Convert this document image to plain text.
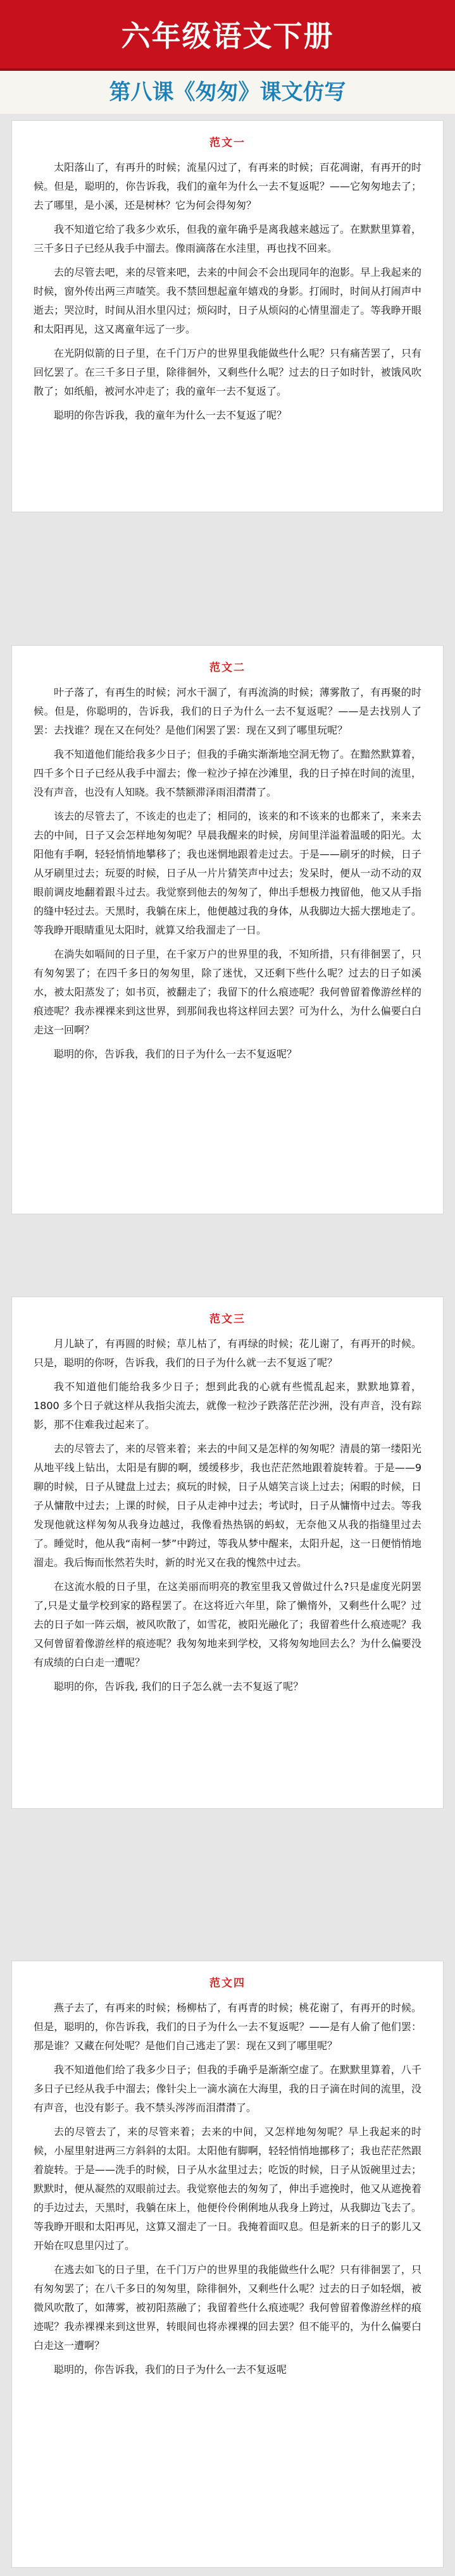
六年级语文下册
第八课《匆匆》课文仿写
范文一

太阳落山了，有再升的时候；流星闪过了，有再来的时候；百花凋谢，有再开的时候。但是，聪明的，你告诉我，我们的童年为什么一去不复返呢？——它匆匆地去了；去了哪里，是小溪，还是树林？它为何会得匆匆？

我不知道它给了我多少欢乐，但我的童年确乎是离我越来越远了。在默默里算着，三千多日子已经从我手中溜去。像雨滴落在水洼里，再也找不回来。

去的尽管去吧，来的尽管来吧，去来的中间会不会出现同年的泡影。早上我起来的时候，窗外传出两三声喳笑。我不禁回想起童年嬉戏的身影。打闹时，时间从打闹声中逝去；哭泣时，时间从泪水里闪过；烦闷时，日子从烦闷的心情里溜走了。等我睁开眼和太阳再见，这又离童年远了一步。

在光阴似箭的日子里，在千门万户的世界里我能做些什么呢？只有痛苦罢了，只有回忆罢了。在三千多日子里，除徘徊外，又剩些什么呢？过去的日子如时针，被饿风吹散了；如纸船，被河水冲走了；我的童年一去不复返了。

聪明的你告诉我，我的童年为什么一去不复返了呢？

范文二

叶子落了，有再生的时候；河水干涸了，有再流淌的时候；薄雾散了，有再聚的时候。但是，你聪明的，告诉我，我们的日子为什么一去不复返呢？——是去找别人了罢：去找谁？现在又在何处？是他们闲罢了罢：现在又到了哪里玩呢？

我不知道他们能给我多少日子；但我的手确实渐渐地空洞无物了。在黯然默算着，四千多个日子已经从我手中溜去；像一粒沙子掉在沙滩里，我的日子掉在时间的流里，没有声音，也没有人知晓。我不禁额滞泽雨泪潸潸了。

该去的尽管去了，不该走的也走了；相同的，该来的和不该来的也都来了，来来去去的中间，日子又会怎样地匆匆呢？早晨我醒来的时候，房间里洋溢着温暖的阳光。太阳他有手啊，轻轻悄悄地攀移了；我也迷惘地跟着走过去。于是——刷牙的时候，日子从牙刷里过去；玩耍的时候，日子从一片片猜笑声中过去；发呆时，便从一动不动的双眼前调皮地翻着跟斗过去。我觉察到他去的匆匆了，伸出手想极力拽留他，他又从手指的缝中轻过去。天黑时，我躺在床上，他便越过我的身体，从我脚边大摇大摆地走了。等我睁开眼睛重见太阳时，就算又给我溜走了一日。

在淌失如嗝间的日子里，在千家万户的世界里的我，不知所措，只有徘徊罢了，只有匆匆罢了；在四千多日的匆匆里，除了迷忧，又还剩下些什么呢？过去的日子如溪水，被太阳蒸发了；如书页，被翻走了；我留下的什么痕迹呢？我何曾留着像游丝样的痕迹呢？我赤裸裸来到这世界，到那间我也将这样回去罢？可为什么，为什么偏要白白走这一回啊？

聪明的你，告诉我，我们的日子为什么一去不复返呢？

范文三

月儿缺了，有再圆的时候；草儿枯了，有再绿的时候；花儿谢了，有再开的时候。只是，聪明的你呀，告诉我，我们的日子为什么就一去不复返了呢？

我不知道他们能给我多少日子；想到此我的心就有些慌乱起来，默默地算着，1800 多个日子就这样从我指尖流去，就像一粒沙子跌落茫茫沙洲，没有声音，没有踪影，那不住难我过起来了。

去的尽管去了，来的尽管来着；来去的中间又是怎样的匆匆呢？清晨的第一缕阳光从地平线上钻出，太阳是有脚的啊，缓缓移步，我也茫茫然地跟着旋转着。于是——9 聊的时候，日子从键盘上过去；疯玩的时候，日子从嬉笑言谈上过去；闲暇的时候，日子从慵散中过去；上课的时候，日子从走神中过去；考试时，日子从慵惰中过去。等我发现他就这样匆匆从我身边越过，我像看热热锅的蚂蚁，无奈他又从我的指缝里过去了。睡觉时，他从我“南柯一梦”中跨过，等我从梦中醒来，太阳升起，这一日便悄悄地溜走。我后悔而怅然若失时，新的时光又在我的愧然中过去。

在这流水般的日子里，在这美丽而明亮的教室里我又曾做过什么?只是虚度光阴罢了,只是丈量学校到家的路程罢了。在这将近六年里，除了懒惰外，又剩些什么呢？过去的日子如一阵云烟，被风吹散了，如雪花，被阳光融化了；我留着些什么痕迹呢？我又何曾留着像游丝样的痕迹呢？我匆匆地来到学校，又将匆匆地回去么？为什么偏要没有成绩的白白走一遭呢？

聪明的你，告诉我, 我们的日子怎么就一去不复返了呢？

范文四

燕子去了，有再来的时候；杨柳枯了，有再青的时候；桃花谢了，有再开的时候。但是，聪明的，你告诉我，我们的日子为什么一去不复返呢？——是有人偷了他们罢：那是谁？又藏在何处呢？是他们自己逃走了罢：现在又到了哪里呢？

我不知道他们给了我多少日子；但我的手确乎是渐渐空虚了。在默默里算着，八千多日子已经从我手中溜去；像针尖上一滴水滴在大海里，我的日子滴在时间的流里，没有声音，也没有影子。我不禁头涔涔而泪潸潸了。

去的尽管去了，来的尽管来着；去来的中间，又怎样地匆匆呢？早上我起来的时候，小屋里射进两三方斜斜的太阳。太阳他有脚啊，轻轻悄悄地挪移了；我也茫茫然跟着旋转。于是——洗手的时候，日子从水盆里过去；吃饭的时候，日子从饭碗里过去；默默时，便从凝然的双眼前过去。我觉察他去的匆匆了，伸出手遮挽时，他又从遮挽着的手边过去，天黑时，我躺在床上，他便伶伶俐俐地从我身上跨过，从我脚边飞去了。等我睁开眼和太阳再见，这算又溜走了一日。我掩着面叹息。但是新来的日子的影儿又开始在叹息里闪过了。

在逃去如飞的日子里，在千门万户的世界里的我能做些什么呢？只有徘徊罢了，只有匆匆罢了；在八千多日的匆匆里，除徘徊外，又剩些什么呢？过去的日子如轻烟，被微风吹散了，如薄雾，被初阳蒸融了；我留着些什么痕迹呢？我何曾留着像游丝样的痕迹呢？我赤裸裸来到这世界，转眼间也将赤裸裸的回去罢？但不能平的，为什么偏要白白走这一遭啊？

聪明的，你告诉我，我们的日子为什么一去不复返呢
